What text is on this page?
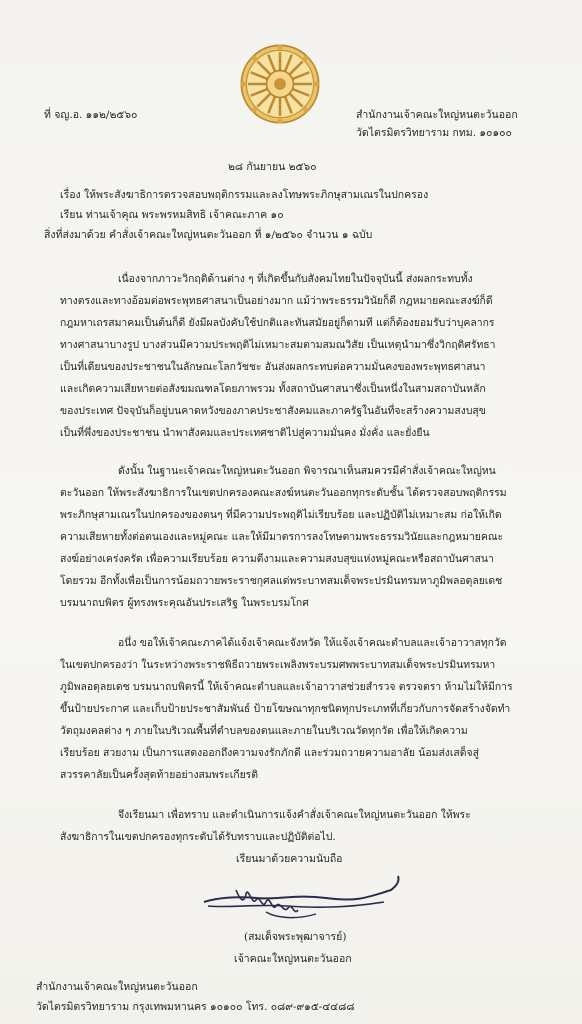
ที่ จญ.อ. ๑๑๒/๒๕๖๐	สำนักงานเจ้าคณะใหญ่หนตะวันออก
วัดไตรมิตรวิทยาราม กทม. ๑๐๑๐๐
๒๘ กันยายน ๒๕๖๐
เรื่อง ให้พระสังฆาธิการตรวจสอบพฤติกรรมและลงโทษพระภิกษุสามเณรในปกครอง
เรียน ท่านเจ้าคุณ พระพรหมสิทธิ เจ้าคณะภาค ๑๐
สิ่งที่ส่งมาด้วย คำสั่งเจ้าคณะใหญ่หนตะวันออก ที่ ๑/๒๕๖๐ จำนวน ๑ ฉบับ
เนื่องจากภาวะวิกฤติด้านต่าง ๆ ที่เกิดขึ้นกับสังคมไทยในปัจจุบันนี้ ส่งผลกระทบทั้ง
ทางตรงและทางอ้อมต่อพระพุทธศาสนาเป็นอย่างมาก แม้ว่าพระธรรมวินัยก็ดี กฎหมายคณะสงฆ์ก็ดี
กฎมหาเถรสมาคมเป็นต้นก็ดี ยังมีผลบังคับใช้ปกติและทันสมัยอยู่ก็ตามที แต่ก็ต้องยอมรับว่าบุคลากร
ทางศาสนาบางรูป บางส่วนมีความประพฤติไม่เหมาะสมตามสมณวิสัย เป็นเหตุนำมาซึ่งวิกฤติศรัทธา
เป็นที่เดียนของประชาชนในลักษณะโลกวัชชะ อันส่งผลกระทบต่อความมั่นคงของพระพุทธศาสนา
และเกิดความเสียหายต่อสังฆมณฑลโดยภาพรวม ทั้งสถาบันศาสนาซึ่งเป็นหนึ่งในสามสถาบันหลัก
ของประเทศ ปัจจุบันก็อยู่บนคาดหวังของภาคประชาสังคมและภาครัฐในอันที่จะสร้างความสงบสุข
เป็นที่พึ่งของประชาชน นำพาสังคมและประเทศชาติไปสู่ความมั่นคง มั่งคั่ง และยั่งยืน
ดังนั้น ในฐานะเจ้าคณะใหญ่หนตะวันออก พิจารณาเห็นสมควรมีคำสั่งเจ้าคณะใหญ่หน
ตะวันออก ให้พระสังฆาธิการในเขตปกครองคณะสงฆ์หนตะวันออกทุกระดับชั้น ได้ตรวจสอบพฤติกรรม
พระภิกษุสามเณรในปกครองของตนๆ ที่มีความประพฤติไม่เรียบร้อย และปฏิบัติไม่เหมาะสม ก่อให้เกิด
ความเสียหายทั้งต่อตนเองและหมู่คณะ และให้มีมาตรการลงโทษตามพระธรรมวินัยและกฎหมายคณะ
สงฆ์อย่างเคร่งครัด เพื่อความเรียบร้อย ความดีงามและความสงบสุขแห่งหมู่คณะหรือสถาบันศาสนา
โดยรวม อีกทั้งเพื่อเป็นการน้อมถวายพระราชกุศลแด่พระบาทสมเด็จพระปรมินทรมหาภูมิพลอดุลยเดช
บรมนาถบพิตร ผู้ทรงพระคุณอันประเสริฐ ในพระบรมโกศ
อนึ่ง ขอให้เจ้าคณะภาคได้แจ้งเจ้าคณะจังหวัด ให้แจ้งเจ้าคณะตำบลและเจ้าอาวาสทุกวัด
ในเขตปกครองว่า ในระหว่างพระราชพิธีถวายพระเพลิงพระบรมศพพระบาทสมเด็จพระปรมินทรมหา
ภูมิพลอดุลยเดช บรมนาถบพิตรนี้ ให้เจ้าคณะตำบลและเจ้าอาวาสช่วยสำรวจ ตรวจตรา ห้ามไม่ให้มีการ
ขึ้นป้ายประกาศ และเก็บป้ายประชาสัมพันธ์ ป้ายโฆษณาทุกชนิดทุกประเภทที่เกี่ยวกับการจัดสร้างจัดทำ
วัตถุมงคลต่าง ๆ ภายในบริเวณพื้นที่ตำบลของตนและภายในบริเวณวัดทุกวัด เพื่อให้เกิดความ
เรียบร้อย สวยงาม เป็นการแสดงออกถึงความจงรักภักดี และร่วมถวายความอาลัย น้อมส่งเสด็จสู่
สวรรคาลัยเป็นครั้งสุดท้ายอย่างสมพระเกียรติ
จึงเรียนมา เพื่อทราบ และดำเนินการแจ้งคำสั่งเจ้าคณะใหญ่หนตะวันออก ให้พระ
สังฆาธิการในเขตปกครองทุกระดับได้รับทราบและปฏิบัติต่อไป.
เรียนมาด้วยความนับถือ
(สมเด็จพระพุฒาจารย์)
เจ้าคณะใหญ่หนตะวันออก
สำนักงานเจ้าคณะใหญ่หนตะวันออก
วัดไตรมิตรวิทยาราม กรุงเทพมหานคร ๑๐๑๐๐ โทร. ๐๘๙-๙๑๕-๔๔๘๘
